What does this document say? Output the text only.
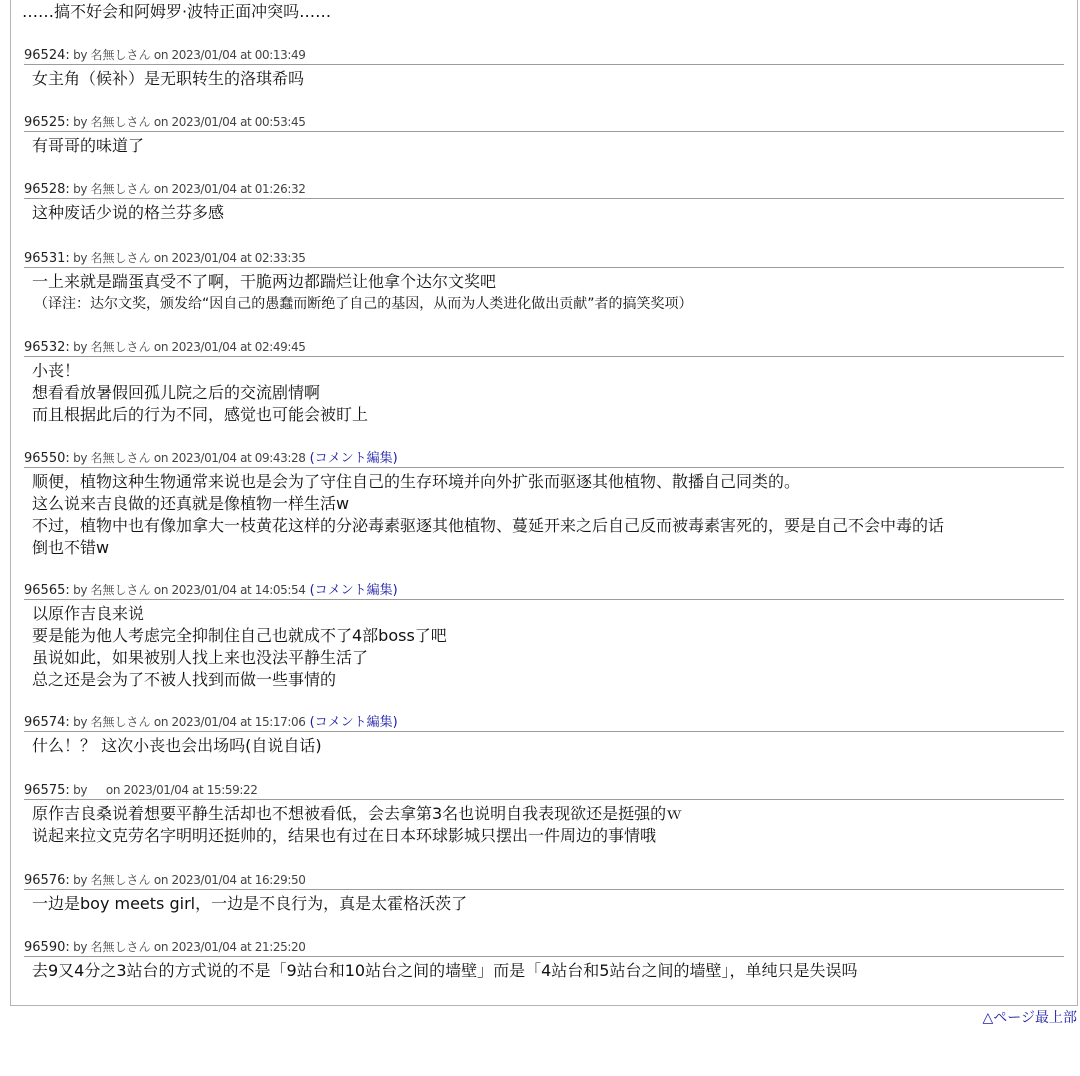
……搞不好会和阿姆罗·波特正面冲突吗……
96524: by 名無しさん on 2023/01/04 at 00:13:49
女主角（候补）是无职转生的洛琪希吗
96525: by 名無しさん on 2023/01/04 at 00:53:45
有哥哥的味道了
96528: by 名無しさん on 2023/01/04 at 01:26:32
这种废话少说的格兰芬多感
96531: by 名無しさん on 2023/01/04 at 02:33:35
一上来就是踹蛋真受不了啊，干脆两边都踹烂让他拿个达尔文奖吧
（译注：达尔文奖，颁发给“因自己的愚蠢而断绝了自己的基因，从而为人类进化做出贡献”者的搞笑奖项）
96532: by 名無しさん on 2023/01/04 at 02:49:45
小丧！
想看看放暑假回孤儿院之后的交流剧情啊
而且根据此后的行为不同，感觉也可能会被盯上
96550: by 名無しさん on 2023/01/04 at 09:43:28 (コメント編集)
顺便，植物这种生物通常来说也是会为了守住自己的生存环境并向外扩张而驱逐其他植物、散播自己同类的。
这么说来吉良做的还真就是像植物一样生活w
不过，植物中也有像加拿大一枝黄花这样的分泌毒素驱逐其他植物、蔓延开来之后自己反而被毒素害死的，要是自己不会中毒的话
倒也不错w
96565: by 名無しさん on 2023/01/04 at 14:05:54 (コメント編集)
以原作吉良来说
要是能为他人考虑完全抑制住自己也就成不了4部boss了吧
虽说如此，如果被别人找上来也没法平静生活了
总之还是会为了不被人找到而做一些事情的
96574: by 名無しさん on 2023/01/04 at 15:17:06 (コメント編集)
什么！？ 这次小丧也会出场吗(自说自话)
96575: by 　 on 2023/01/04 at 15:59:22
原作吉良桑说着想要平静生活却也不想被看低，会去拿第3名也说明自我表现欲还是挺强的ｗ
说起来拉文克劳名字明明还挺帅的，结果也有过在日本环球影城只摆出一件周边的事情哦
96576: by 名無しさん on 2023/01/04 at 16:29:50
一边是boy meets girl，一边是不良行为，真是太霍格沃茨了
96590: by 名無しさん on 2023/01/04 at 21:25:20
去9又4分之3站台的方式说的不是「9站台和10站台之间的墙壁」而是「4站台和5站台之间的墙壁」，单纯只是失误吗
△ページ最上部
